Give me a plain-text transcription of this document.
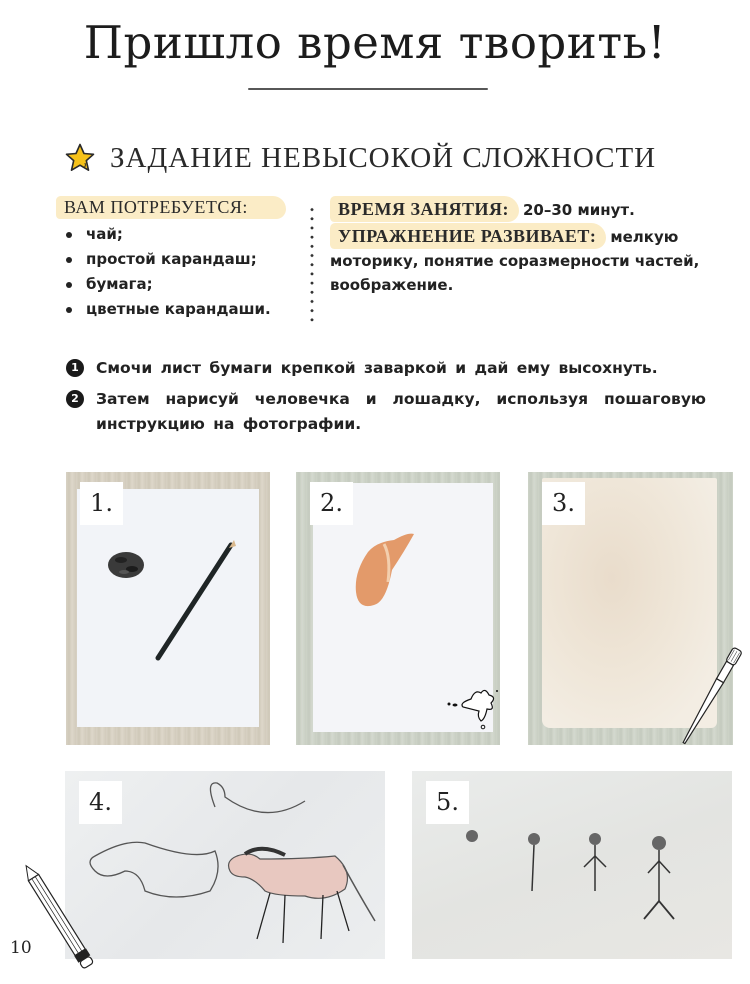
Пришло время творить!
ЗАДАНИЕ НЕВЫСОКОЙ СЛОЖНОСТИ
ВАМ ПОТРЕБУЕТСЯ:
чай;
простой карандаш;
бумага;
цветные карандаши.
ВРЕМЯ ЗАНЯТИЯ: 20–30 минут.
УПРАЖНЕНИЕ РАЗВИВАЕТ: мелкую моторику, понятие соразмерности частей, воображение.
1	Смочи лист бумаги крепкой заваркой и дай ему высохнуть.
2	Затем нарисуй человечка и лошадку, используя пошаговую инструкцию на фотографии.
1.	2.	3.
4.	5.
10
